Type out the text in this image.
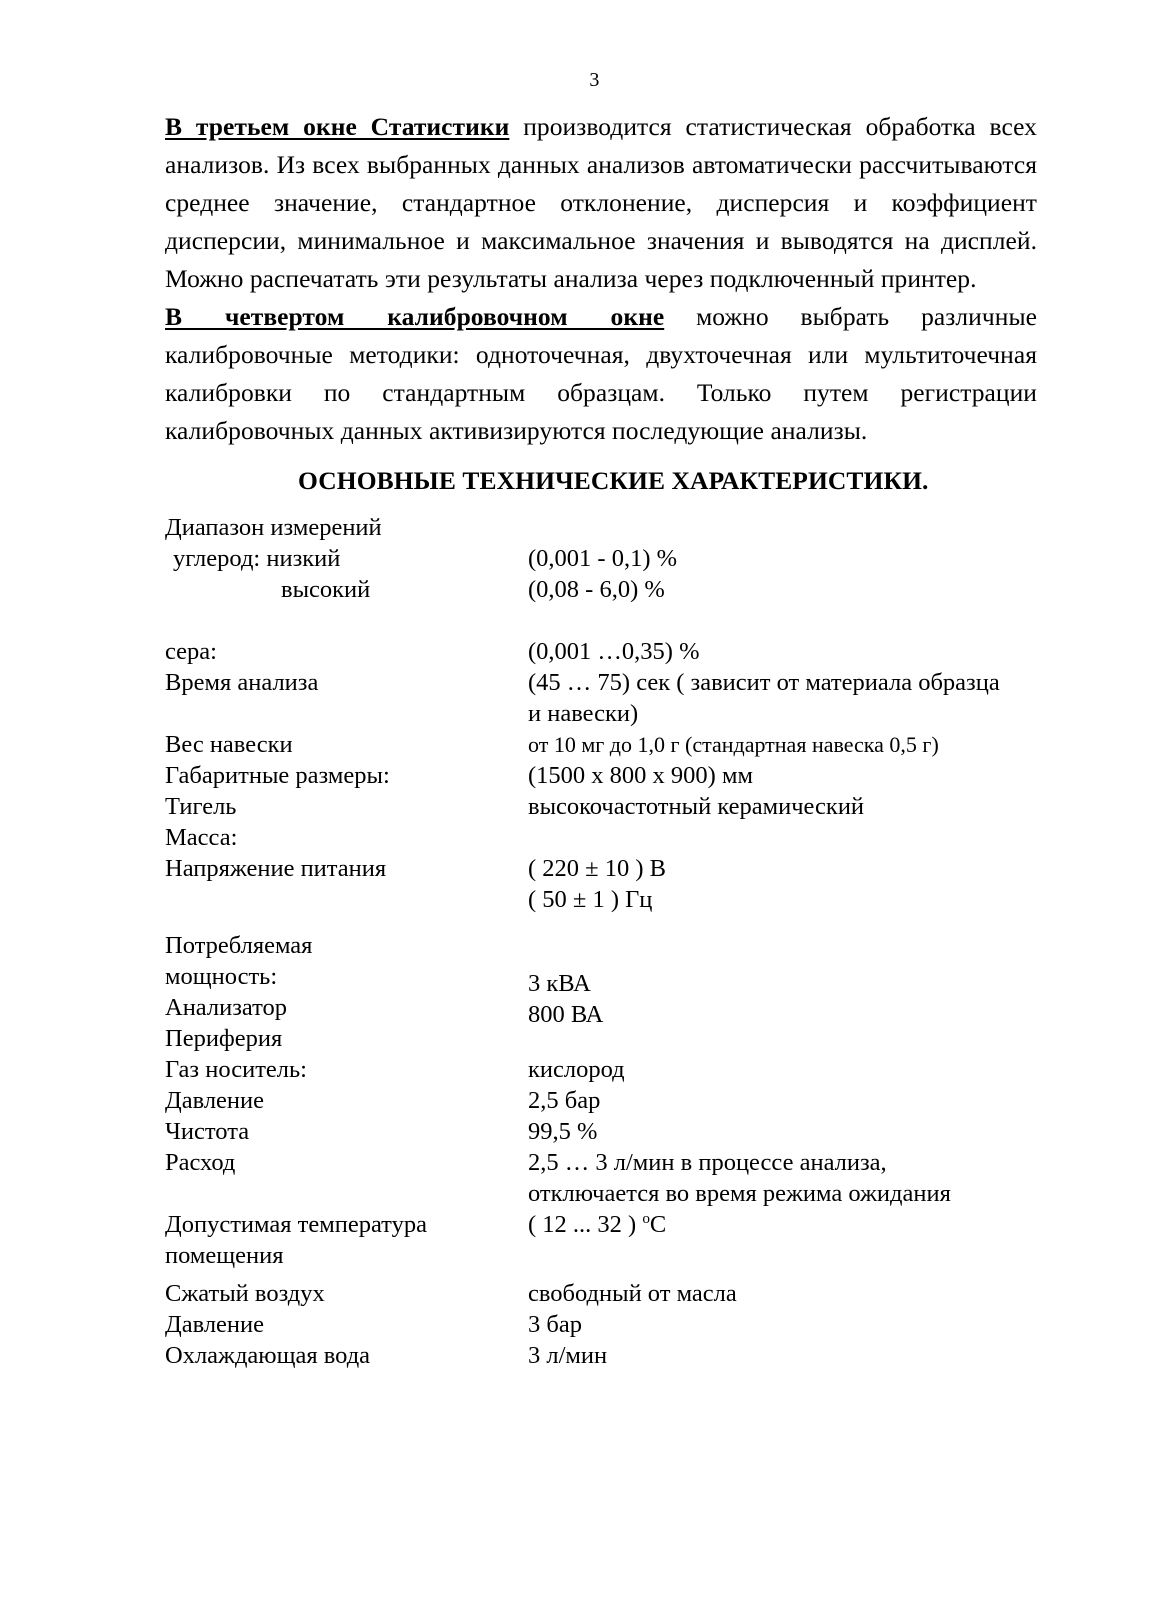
3

В третьем окне Статистики производится статистическая обработка всех анализов. Из всех выбранных данных анализов автоматически рассчитываются среднее значение, стандартное отклонение, дисперсия и коэффициент дисперсии, минимальное и максимальное значения и выводятся на дисплей. Можно распечатать эти результаты анализа через подключенный принтер.

В четвертом калибровочном окне можно выбрать различные калибровочные методики: одноточечная, двухточечная или мультиточечная калибровки по стандартным образцам. Только путем регистрации калибровочных данных активизируются последующие анализы.

ОСНОВНЫЕ ТЕХНИЧЕСКИЕ ХАРАКТЕРИСТИКИ.
Диапазон измерений
углерод: низкий	(0,001 - 0,1) %
высокий	(0,08 - 6,0) %
сера:	(0,001 …0,35) %
Время анализа	(45 … 75) сек ( зависит от материала образца
и навески)
Вес навески	от 10 мг до 1,0 г (стандартная навеска 0,5 г)
Габаритные размеры:	(1500 х 800 х 900) мм
Тигель	высокочастотный керамический
Масса:
Напряжение питания	( 220 ± 10 ) В
( 50 ± 1 ) Гц
Потребляемая
мощность:	3 кВА
Анализатор	800 ВА
Периферия
Газ носитель:	кислород
Давление	2,5 бар
Чистота	99,5 %
Расход	2,5 … 3 л/мин в процессе анализа,
отключается во время режима ожидания
Допустимая температура	( 12 ... 32 ) $^o$С
помещения
Сжатый воздух	свободный от масла
Давление	3 бар
Охлаждающая вода	3 л/мин
